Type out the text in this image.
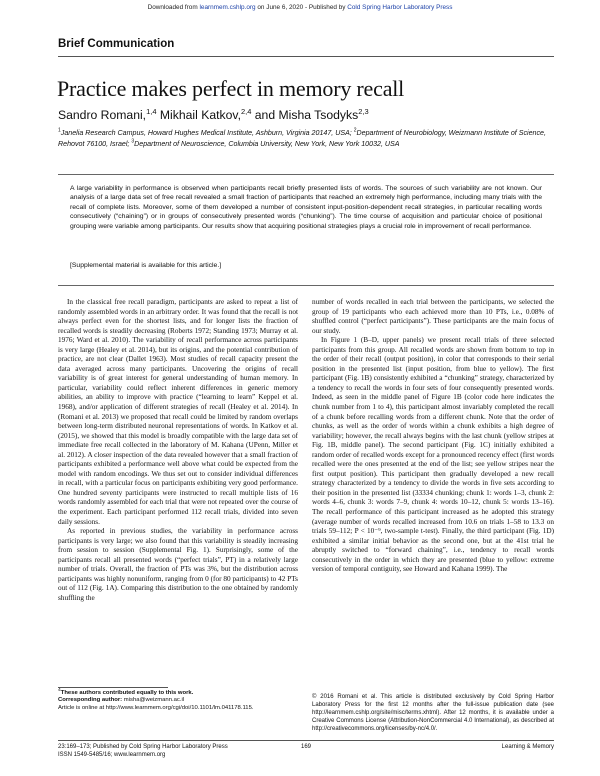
Downloaded from learnmem.cshlp.org on June 6, 2020 - Published by Cold Spring Harbor Laboratory Press
Brief Communication
Practice makes perfect in memory recall
Sandro Romani,$^{1,4}$ Mikhail Katkov,$^{2,4}$ and Misha Tsodyks$^{2,3}$
$^1$Janelia Research Campus, Howard Hughes Medical Institute, Ashburn, Virginia 20147, USA; $^2$Department of Neurobiology, Weizmann Institute of Science, Rehovot 76100, Israel; $^3$Department of Neuroscience, Columbia University, New York, New York 10032, USA
A large variability in performance is observed when participants recall briefly presented lists of words. The sources of such variability are not known. Our analysis of a large data set of free recall revealed a small fraction of participants that reached an extremely high performance, including many trials with the recall of complete lists. Moreover, some of them developed a number of consistent input-position-dependent recall strategies, in particular recalling words consecutively (“chaining”) or in groups of consecutively presented words (“chunking”). The time course of acquisition and particular choice of positional grouping were variable among participants. Our results show that acquiring positional strategies plays a crucial role in improvement of recall performance.
[Supplemental material is available for this article.]

In the classical free recall paradigm, participants are asked to repeat a list of randomly assembled words in an arbitrary order. It was found that the recall is not always perfect even for the shortest lists, and for longer lists the fraction of recalled words is steadily decreasing (Roberts 1972; Standing 1973; Murray et al. 1976; Ward et al. 2010). The variability of recall performance across participants is very large (Healey et al. 2014), but its origins, and the potential contribution of practice, are not clear (Dallet 1963). Most studies of recall capacity present the data averaged across many participants. Uncovering the origins of recall variability is of great interest for general understanding of human memory. In particular, variability could reflect inherent differences in generic memory abilities, an ability to improve with practice (“learning to learn” Keppel et al. 1968), and/or application of different strategies of recall (Healey et al. 2014). In (Romani et al. 2013) we proposed that recall could be limited by random overlaps between long-term distributed neuronal representations of words. In Katkov et al. (2015), we showed that this model is broadly compatible with the large data set of immediate free recall collected in the laboratory of M. Kahana (UPenn, Miller et al. 2012). A closer inspection of the data revealed however that a small fraction of participants exhibited a performance well above what could be expected from the model with random encodings. We thus set out to consider individual differences in recall, with a particular focus on participants exhibiting very good performance. One hundred seventy participants were instructed to recall multiple lists of 16 words randomly assembled for each trial that were not repeated over the course of the experiment. Each participant performed 112 recall trials, divided into seven daily sessions.

As reported in previous studies, the variability in performance across participants is very large; we also found that this variability is steadily increasing from session to session (Supplemental Fig. 1). Surprisingly, some of the participants recall all presented words (“perfect trials”, PT) in a relatively large number of trials. Overall, the fraction of PTs was 3%, but the distribution across participants was highly nonuniform, ranging from 0 (for 80 participants) to 42 PTs out of 112 (Fig. 1A). Comparing this distribution to the one obtained by randomly shuffling the

number of words recalled in each trial between the participants, we selected the group of 19 participants who each achieved more than 10 PTs, i.e., 0.08% of shuffled control (“perfect participants”). These participants are the main focus of our study.

In Figure 1 (B–D, upper panels) we present recall trials of three selected participants from this group. All recalled words are shown from bottom to top in the order of their recall (output position), in color that corresponds to their serial position in the presented list (input position, from blue to yellow). The first participant (Fig. 1B) consistently exhibited a “chunking” strategy, characterized by a tendency to recall the words in four sets of four consequently presented words. Indeed, as seen in the middle panel of Figure 1B (color code here indicates the chunk number from 1 to 4), this participant almost invariably completed the recall of a chunk before recalling words from a different chunk. Note that the order of chunks, as well as the order of words within a chunk exhibits a high degree of variability; however, the recall always begins with the last chunk (yellow stripes at Fig. 1B, middle panel). The second participant (Fig. 1C) initially exhibited a random order of recalled words except for a pronounced recency effect (first words recalled were the ones presented at the end of the list; see yellow stripes near the first output position). This participant then gradually developed a new recall strategy characterized by a tendency to divide the words in five sets according to their position in the presented list (33334 chunking; chunk 1: words 1–3, chunk 2: words 4–6, chunk 3: words 7–9, chunk 4: words 10–12, chunk 5: words 13–16). The recall performance of this participant increased as he adopted this strategy (average number of words recalled increased from 10.6 on trials 1–58 to 13.3 on trials 59–112; P < 10⁻⁹, two-sample t-test). Finally, the third participant (Fig. 1D) exhibited a similar initial behavior as the second one, but at the 41st trial he abruptly switched to “forward chaining”, i.e., tendency to recall words consecutively in the order in which they are presented (blue to yellow: extreme version of temporal contiguity, see Howard and Kahana 1999). The

$^4$These authors contributed equally to this work.
Corresponding author: misha@weizmann.ac.il
Article is online at http://www.learnmem.org/cgi/doi/10.1101/lm.041178.115.
© 2016 Romani et al. This article is distributed exclusively by Cold Spring Harbor Laboratory Press for the first 12 months after the full-issue publication date (see http://learnmem.cshlp.org/site/misc/terms.xhtml). After 12 months, it is available under a Creative Commons License (Attribution-NonCommercial 4.0 International), as described at http://creativecommons.org/licenses/by-nc/4.0/.
23:169–173; Published by Cold Spring Harbor Laboratory Press
ISSN 1549-5485/16; www.learnmem.org
169	Learning & Memory
